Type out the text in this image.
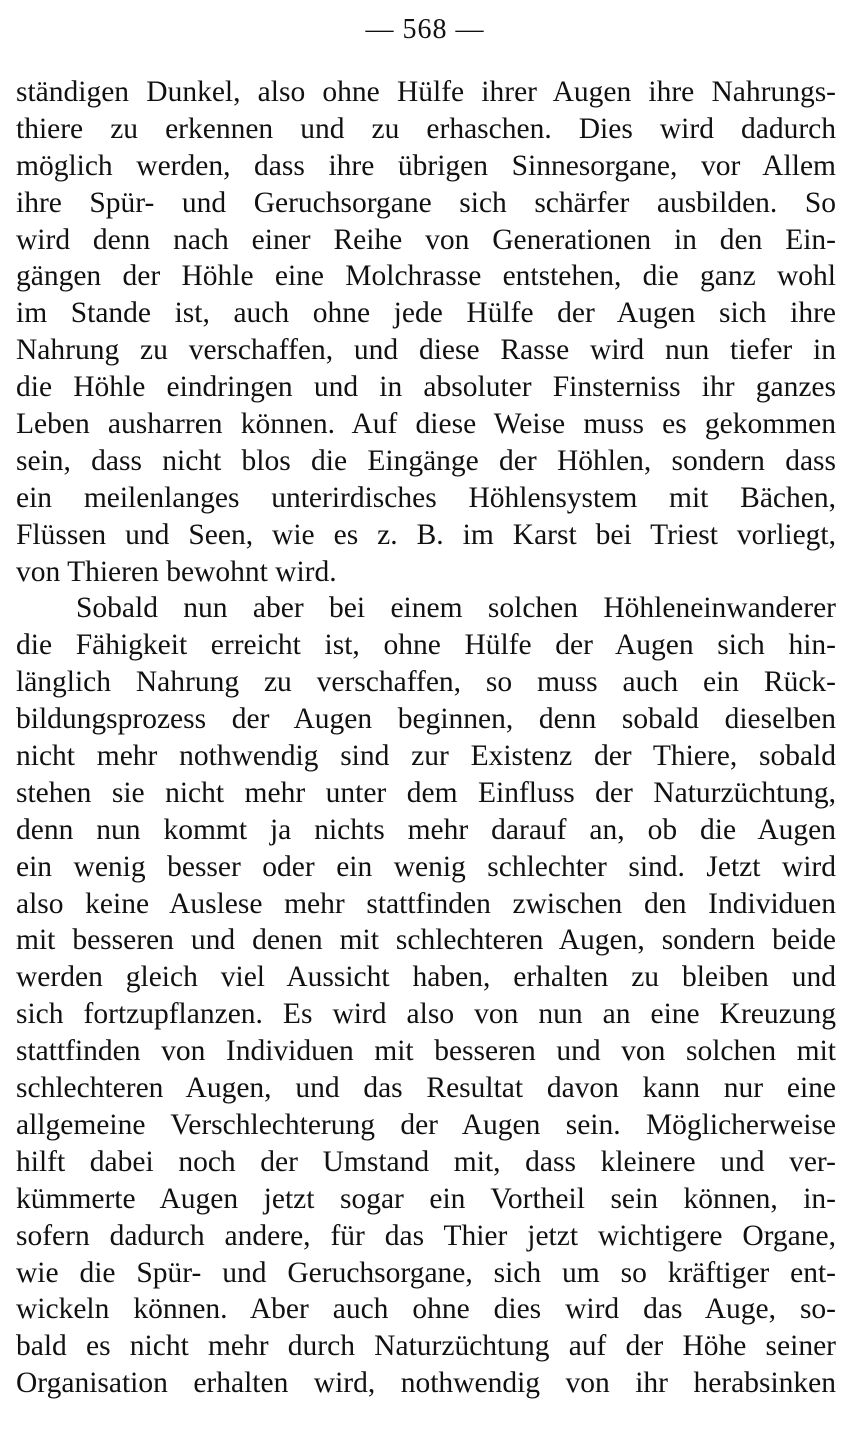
— 568 —
ständigen Dunkel, also ohne Hülfe ihrer Augen ihre Nahrungs-
thiere zu erkennen und zu erhaschen. Dies wird dadurch
möglich werden, dass ihre übrigen Sinnesorgane, vor Allem
ihre Spür- und Geruchsorgane sich schärfer ausbilden. So
wird denn nach einer Reihe von Generationen in den Ein-
gängen der Höhle eine Molchrasse entstehen, die ganz wohl
im Stande ist, auch ohne jede Hülfe der Augen sich ihre
Nahrung zu verschaffen, und diese Rasse wird nun tiefer in
die Höhle eindringen und in absoluter Finsterniss ihr ganzes
Leben ausharren können. Auf diese Weise muss es gekommen
sein, dass nicht blos die Eingänge der Höhlen, sondern dass
ein meilenlanges unterirdisches Höhlensystem mit Bächen,
Flüssen und Seen, wie es z. B. im Karst bei Triest vorliegt,
von Thieren bewohnt wird.
Sobald nun aber bei einem solchen Höhleneinwanderer
die Fähigkeit erreicht ist, ohne Hülfe der Augen sich hin-
länglich Nahrung zu verschaffen, so muss auch ein Rück-
bildungsprozess der Augen beginnen, denn sobald dieselben
nicht mehr nothwendig sind zur Existenz der Thiere, sobald
stehen sie nicht mehr unter dem Einfluss der Naturzüchtung,
denn nun kommt ja nichts mehr darauf an, ob die Augen
ein wenig besser oder ein wenig schlechter sind. Jetzt wird
also keine Auslese mehr stattfinden zwischen den Individuen
mit besseren und denen mit schlechteren Augen, sondern beide
werden gleich viel Aussicht haben, erhalten zu bleiben und
sich fortzupflanzen. Es wird also von nun an eine Kreuzung
stattfinden von Individuen mit besseren und von solchen mit
schlechteren Augen, und das Resultat davon kann nur eine
allgemeine Verschlechterung der Augen sein. Möglicherweise
hilft dabei noch der Umstand mit, dass kleinere und ver-
kümmerte Augen jetzt sogar ein Vortheil sein können, in-
sofern dadurch andere, für das Thier jetzt wichtigere Organe,
wie die Spür- und Geruchsorgane, sich um so kräftiger ent-
wickeln können. Aber auch ohne dies wird das Auge, so-
bald es nicht mehr durch Naturzüchtung auf der Höhe seiner
Organisation erhalten wird, nothwendig von ihr herabsinken
